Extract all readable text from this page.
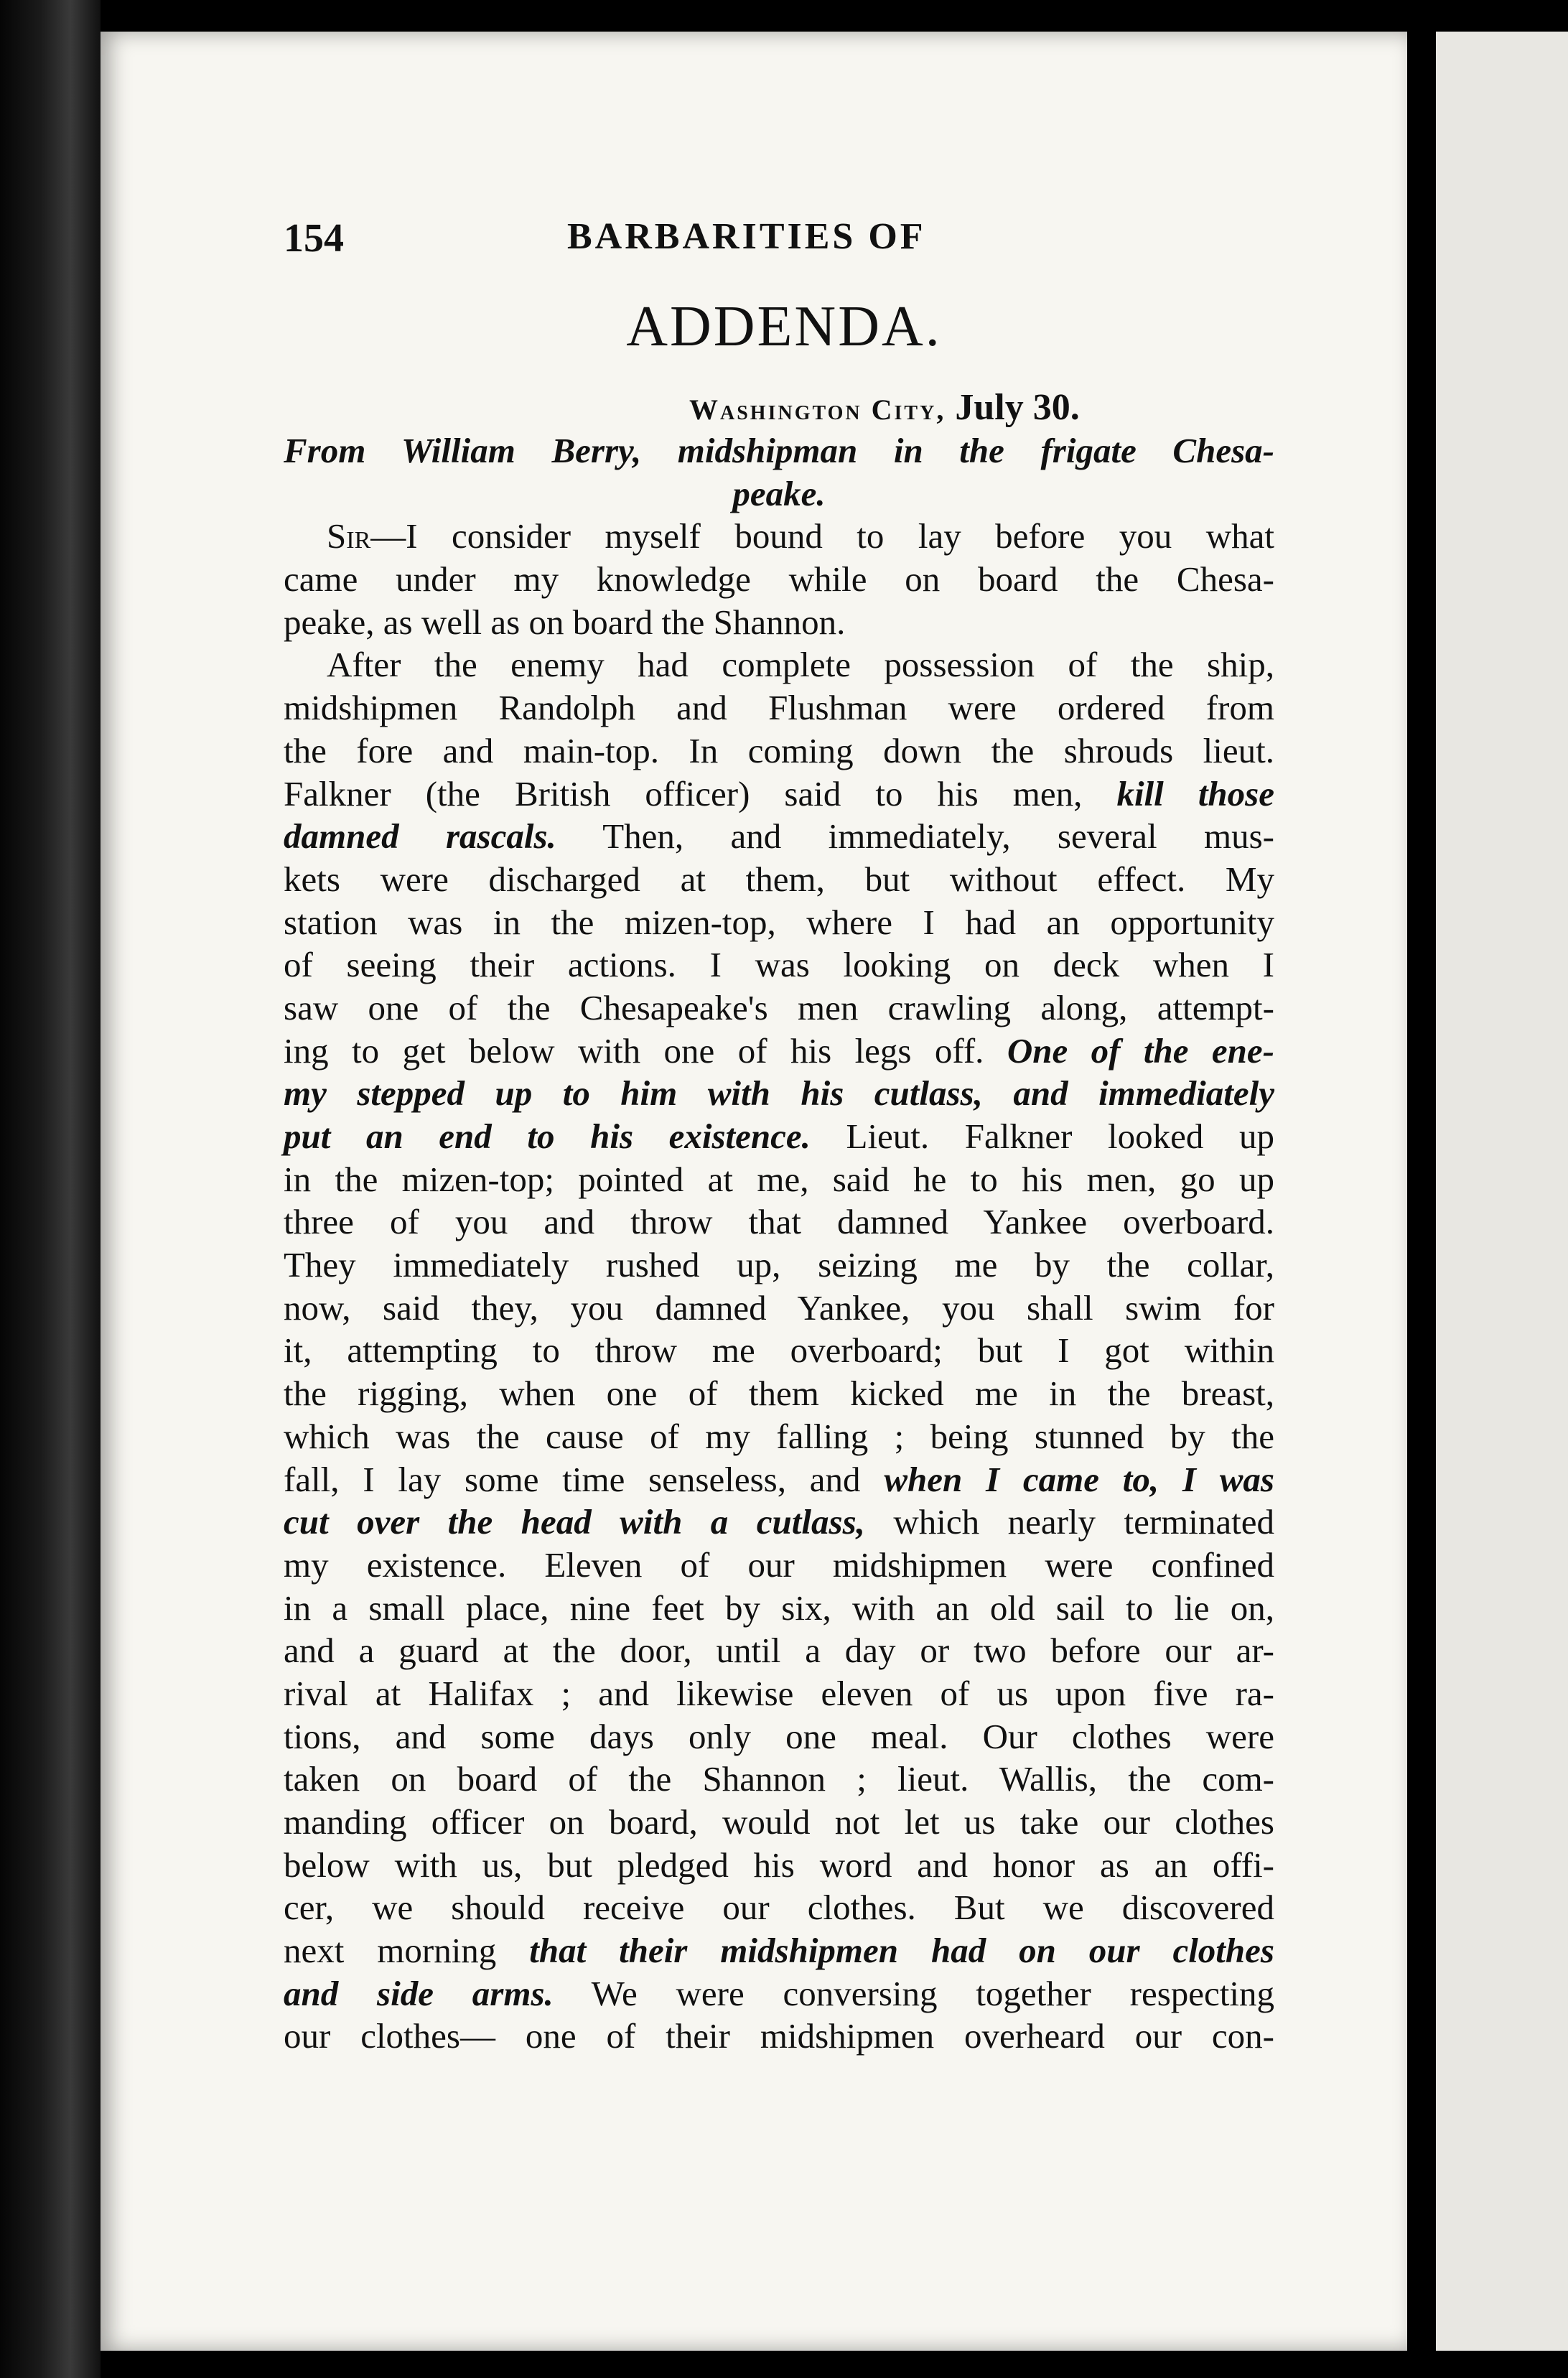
154	BARBARITIES OF
ADDENDA.
Washington City, July 30.
From William Berry, midshipman in the frigate Chesa-
peake.
Sir—I consider myself bound to lay before you what
came under my knowledge while on board the Chesa-
peake, as well as on board the Shannon.
After the enemy had complete possession of the ship,
midshipmen Randolph and Flushman were ordered from
the fore and main-top. In coming down the shrouds lieut.
Falkner (the British officer) said to his men, kill those
damned rascals. Then, and immediately, several mus-
kets were discharged at them, but without effect. My
station was in the mizen-top, where I had an opportunity
of seeing their actions. I was looking on deck when I
saw one of the Chesapeake's men crawling along, attempt-
ing to get below with one of his legs off. One of the ene-
my stepped up to him with his cutlass, and immediately
put an end to his existence. Lieut. Falkner looked up
in the mizen-top; pointed at me, said he to his men, go up
three of you and throw that damned Yankee overboard.
They immediately rushed up, seizing me by the collar,
now, said they, you damned Yankee, you shall swim for
it, attempting to throw me overboard; but I got within
the rigging, when one of them kicked me in the breast,
which was the cause of my falling ; being stunned by the
fall, I lay some time senseless, and when I came to, I was
cut over the head with a cutlass, which nearly terminated
my existence. Eleven of our midshipmen were confined
in a small place, nine feet by six, with an old sail to lie on,
and a guard at the door, until a day or two before our ar-
rival at Halifax ; and likewise eleven of us upon five ra-
tions, and some days only one meal. Our clothes were
taken on board of the Shannon ; lieut. Wallis, the com-
manding officer on board, would not let us take our clothes
below with us, but pledged his word and honor as an offi-
cer, we should receive our clothes. But we discovered
next morning that their midshipmen had on our clothes
and side arms. We were conversing together respecting
our clothes— one of their midshipmen overheard our con-
